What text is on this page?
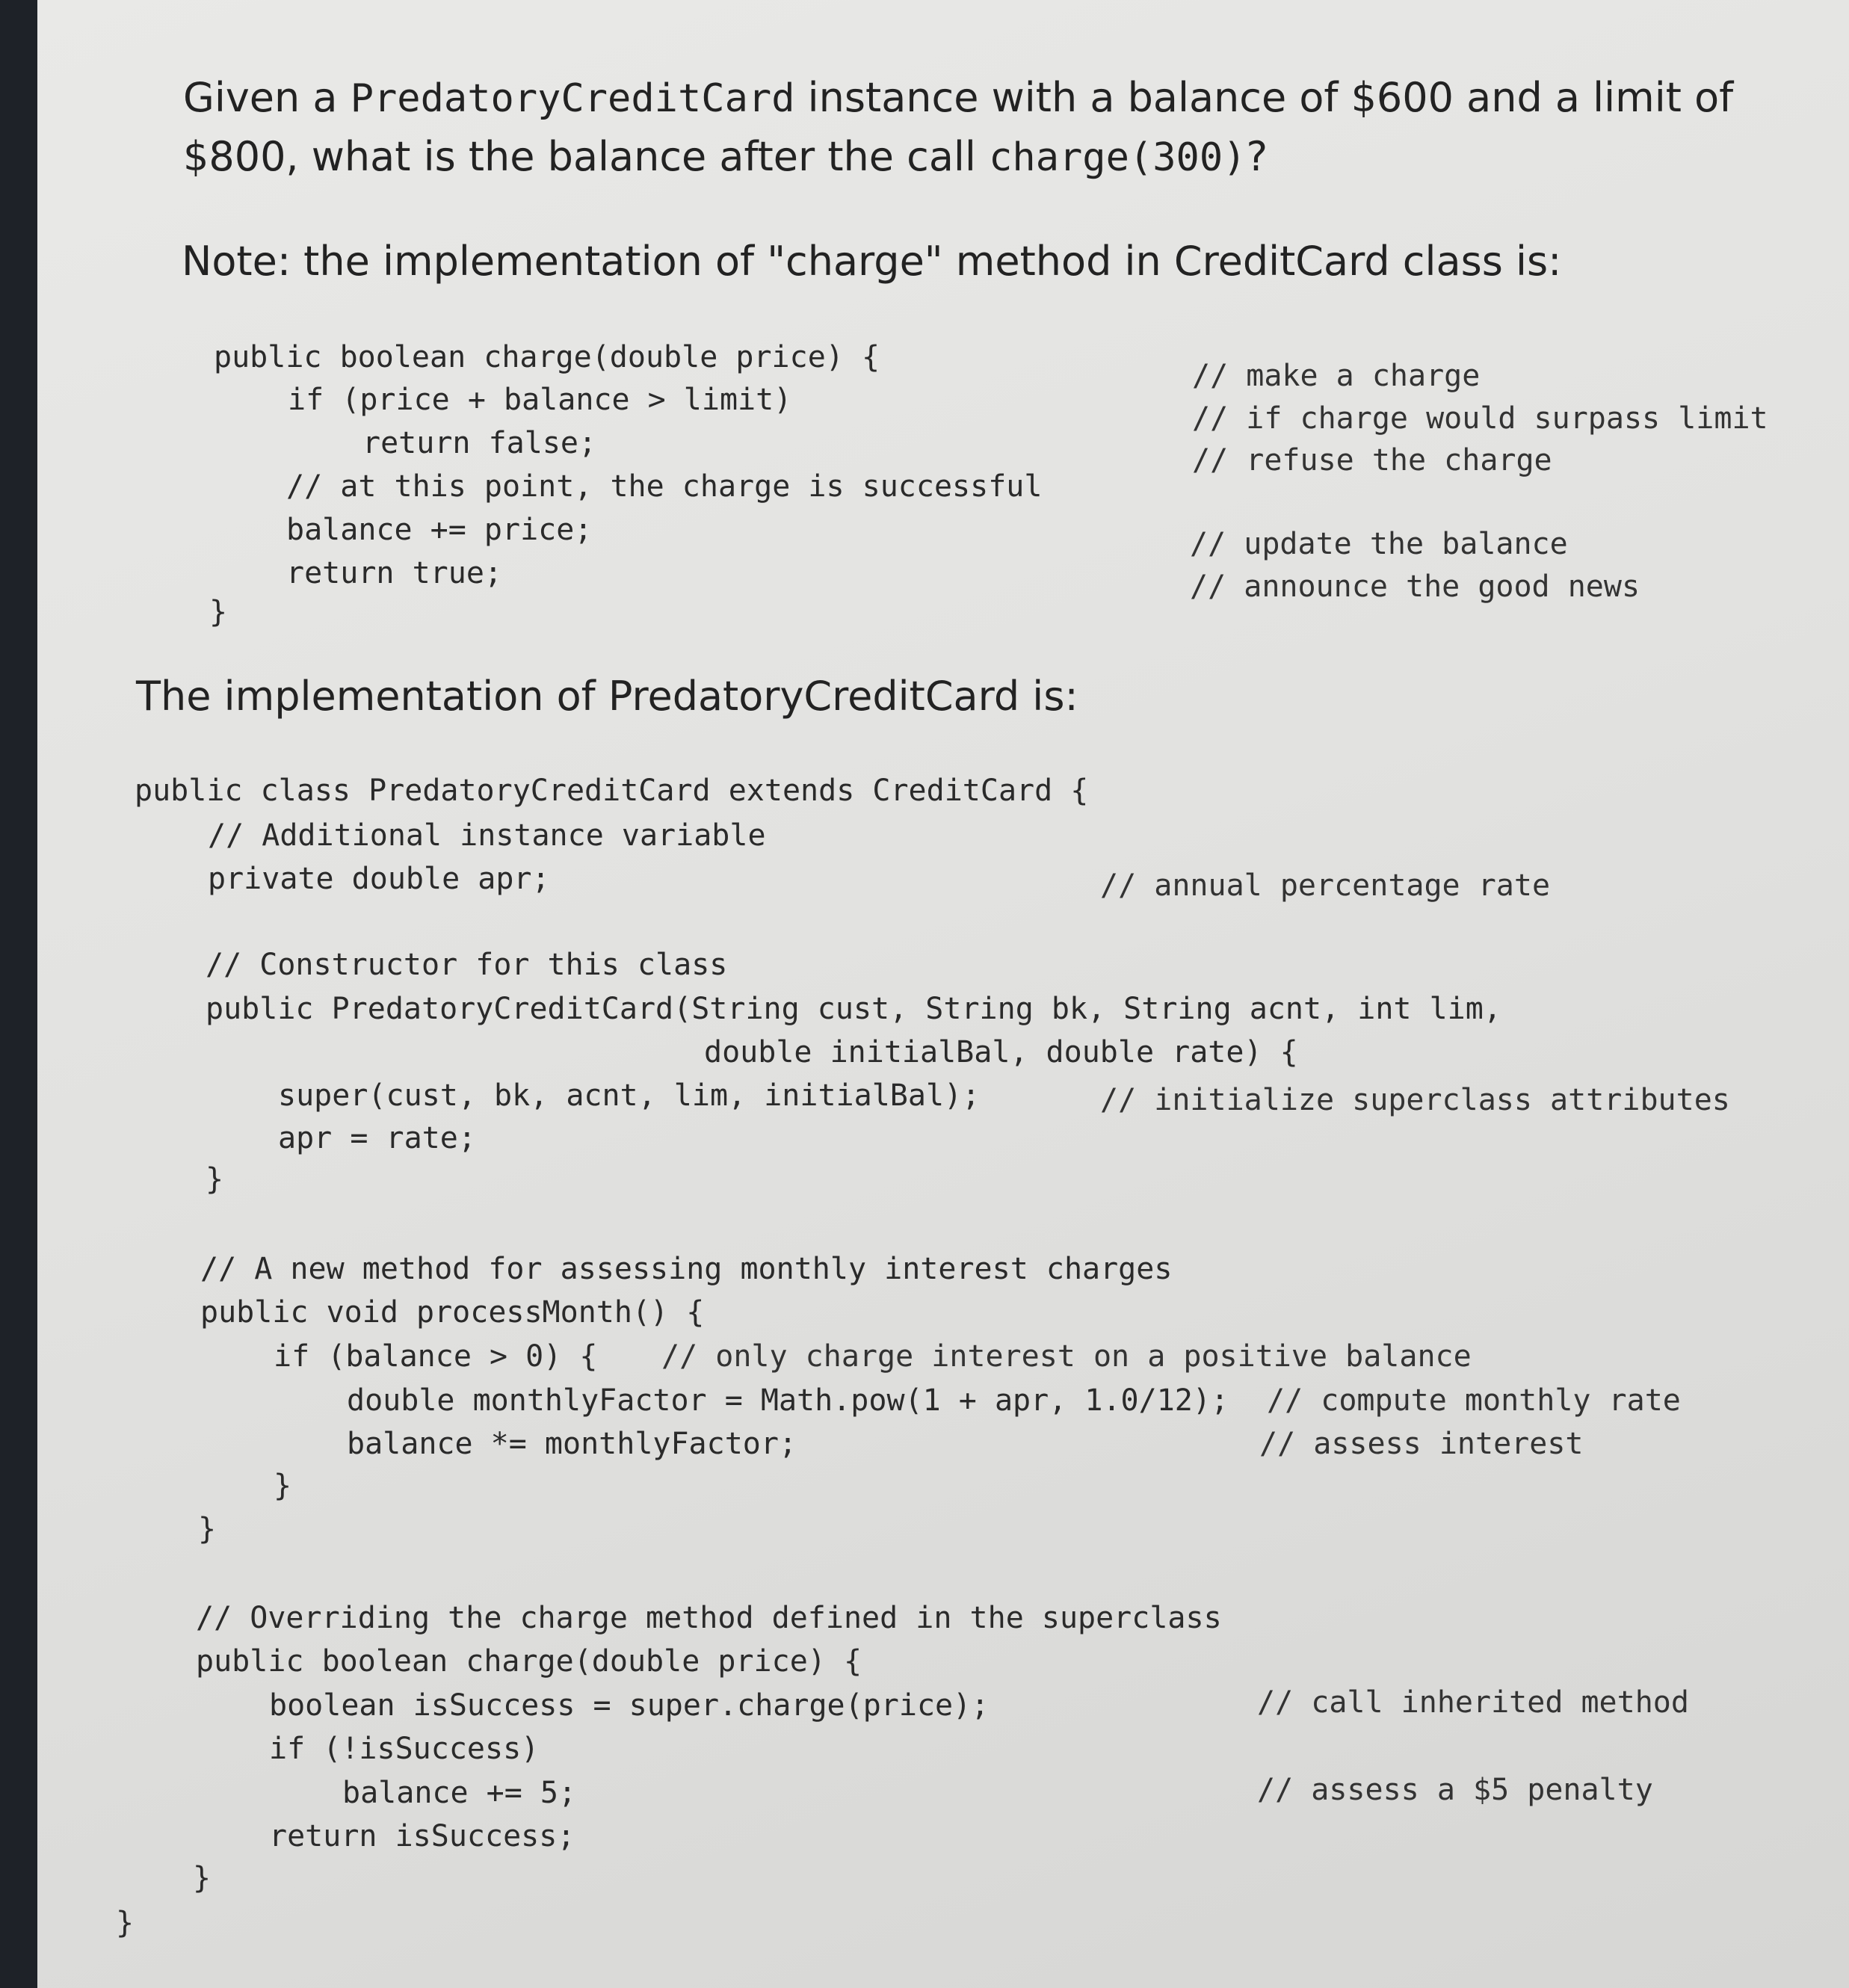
Given a PredatoryCreditCard instance with a balance of $600 and a limit of $800, what is the balance after the call charge(300)?

Note: the implementation of "charge" method in CreditCard class is:

public boolean charge(double price) {
if (price + balance > limit)
return false;
// at this point, the charge is successful
balance += price;
return true;
}
// make a charge
// if charge would surpass limit
// refuse the charge
// update the balance
// announce the good news

The implementation of PredatoryCreditCard is:

public class PredatoryCreditCard extends CreditCard {
// Additional instance variable
private double apr;
// Constructor for this class
public PredatoryCreditCard(String cust, String bk, String acnt, int lim,
double initialBal, double rate) {
super(cust, bk, acnt, lim, initialBal);
apr = rate;
}
// A new method for assessing monthly interest charges
public void processMonth() {
if (balance > 0) {
double monthlyFactor = Math.pow(1 + apr, 1.0/12);
balance *= monthlyFactor;
}
}
// Overriding the charge method defined in the superclass
public boolean charge(double price) {
boolean isSuccess = super.charge(price);
if (!isSuccess)
balance += 5;
return isSuccess;
}
}
// annual percentage rate
// initialize superclass attributes
// only charge interest on a positive balance
// compute monthly rate
// assess interest
// call inherited method
// assess a $5 penalty
